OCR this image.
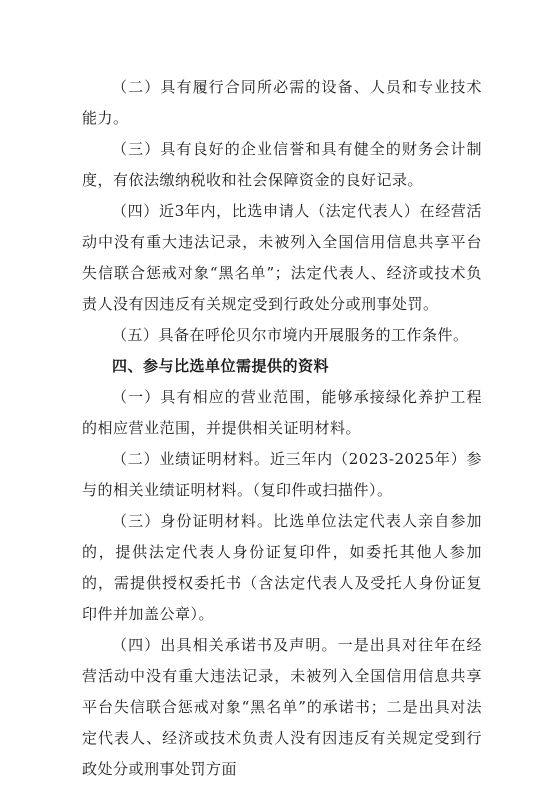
（二）具有履行合同所必需的设备、人员和专业技术能力。

（三）具有良好的企业信誉和具有健全的财务会计制度，有依法缴纳税收和社会保障资金的良好记录。

（四）近3年内，比选申请人（法定代表人）在经营活动中没有重大违法记录，未被列入全国信用信息共享平台失信联合惩戒对象“黑名单”；法定代表人、经济或技术负责人没有因违反有关规定受到行政处分或刑事处罚。

（五）具备在呼伦贝尔市境内开展服务的工作条件。

四、参与比选单位需提供的资料

（一）具有相应的营业范围，能够承接绿化养护工程的相应营业范围，并提供相关证明材料。

（二）业绩证明材料。近三年内（2023-2025年）参与的相关业绩证明材料。（复印件或扫描件）。

（三）身份证明材料。比选单位法定代表人亲自参加的，提供法定代表人身份证复印件，如委托其他人参加的，需提供授权委托书（含法定代表人及受托人身份证复印件并加盖公章）。

（四）出具相关承诺书及声明。一是出具对往年在经营活动中没有重大违法记录，未被列入全国信用信息共享平台失信联合惩戒对象“黑名单”的承诺书；二是出具对法定代表人、经济或技术负责人没有因违反有关规定受到行政处分或刑事处罚方面
